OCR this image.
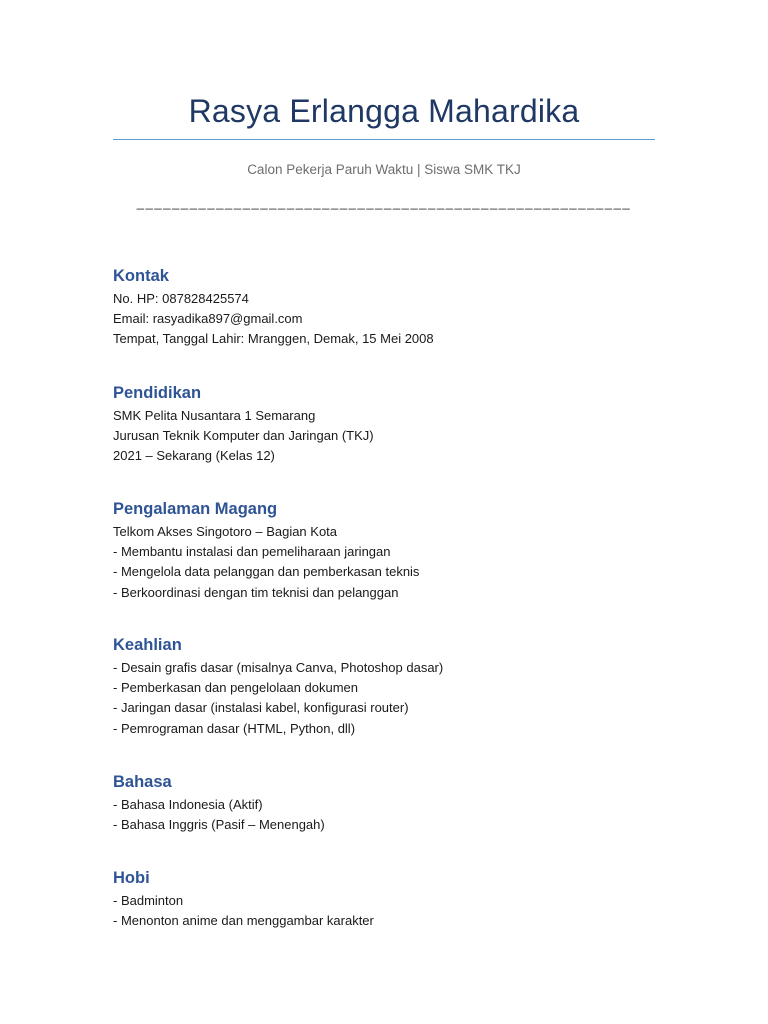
Rasya Erlangga Mahardika
Calon Pekerja Paruh Waktu | Siswa SMK TKJ
________________________________________________________
Kontak
No. HP: 087828425574
Email: rasyadika897@gmail.com
Tempat, Tanggal Lahir: Mranggen, Demak, 15 Mei 2008
Pendidikan
SMK Pelita Nusantara 1 Semarang
Jurusan Teknik Komputer dan Jaringan (TKJ)
2021 – Sekarang (Kelas 12)
Pengalaman Magang
Telkom Akses Singotoro – Bagian Kota
- Membantu instalasi dan pemeliharaan jaringan
- Mengelola data pelanggan dan pemberkasan teknis
- Berkoordinasi dengan tim teknisi dan pelanggan
Keahlian
- Desain grafis dasar (misalnya Canva, Photoshop dasar)
- Pemberkasan dan pengelolaan dokumen
- Jaringan dasar (instalasi kabel, konfigurasi router)
- Pemrograman dasar (HTML, Python, dll)
Bahasa
- Bahasa Indonesia (Aktif)
- Bahasa Inggris (Pasif – Menengah)
Hobi
- Badminton
- Menonton anime dan menggambar karakter
